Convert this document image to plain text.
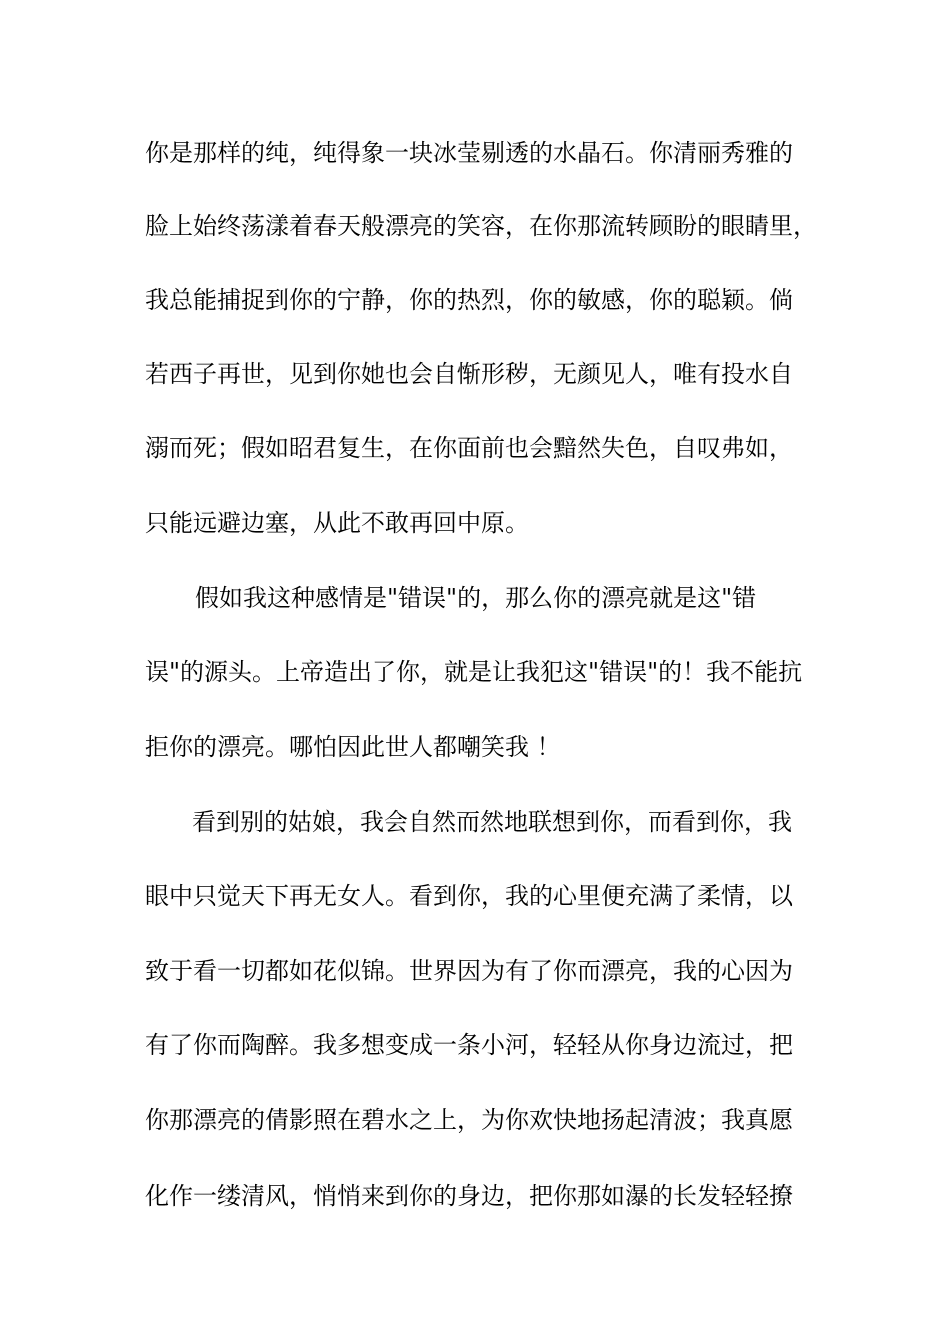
你是那样的纯，纯得象一块冰莹剔透的水晶石。你清丽秀雅的

脸上始终荡漾着春天般漂亮的笑容，在你那流转顾盼的眼睛里，

我总能捕捉到你的宁静，你的热烈，你的敏感，你的聪颖。倘

若西子再世，见到你她也会自惭形秽，无颜见人，唯有投水自

溺而死；假如昭君复生，在你面前也会黯然失色，自叹弗如，

只能远避边塞，从此不敢再回中原。

假如我这种感情是"错误"的，那么你的漂亮就是这"错

误"的源头。上帝造出了你，就是让我犯这"错误"的！我不能抗

拒你的漂亮。哪怕因此世人都嘲笑我 ！

看到别的姑娘，我会自然而然地联想到你，而看到你，我

眼中只觉天下再无女人。看到你，我的心里便充满了柔情，以

致于看一切都如花似锦。世界因为有了你而漂亮，我的心因为

有了你而陶醉。我多想变成一条小河，轻轻从你身边流过，把

你那漂亮的倩影照在碧水之上，为你欢快地扬起清波；我真愿

化作一缕清风，悄悄来到你的身边，把你那如瀑的长发轻轻撩
